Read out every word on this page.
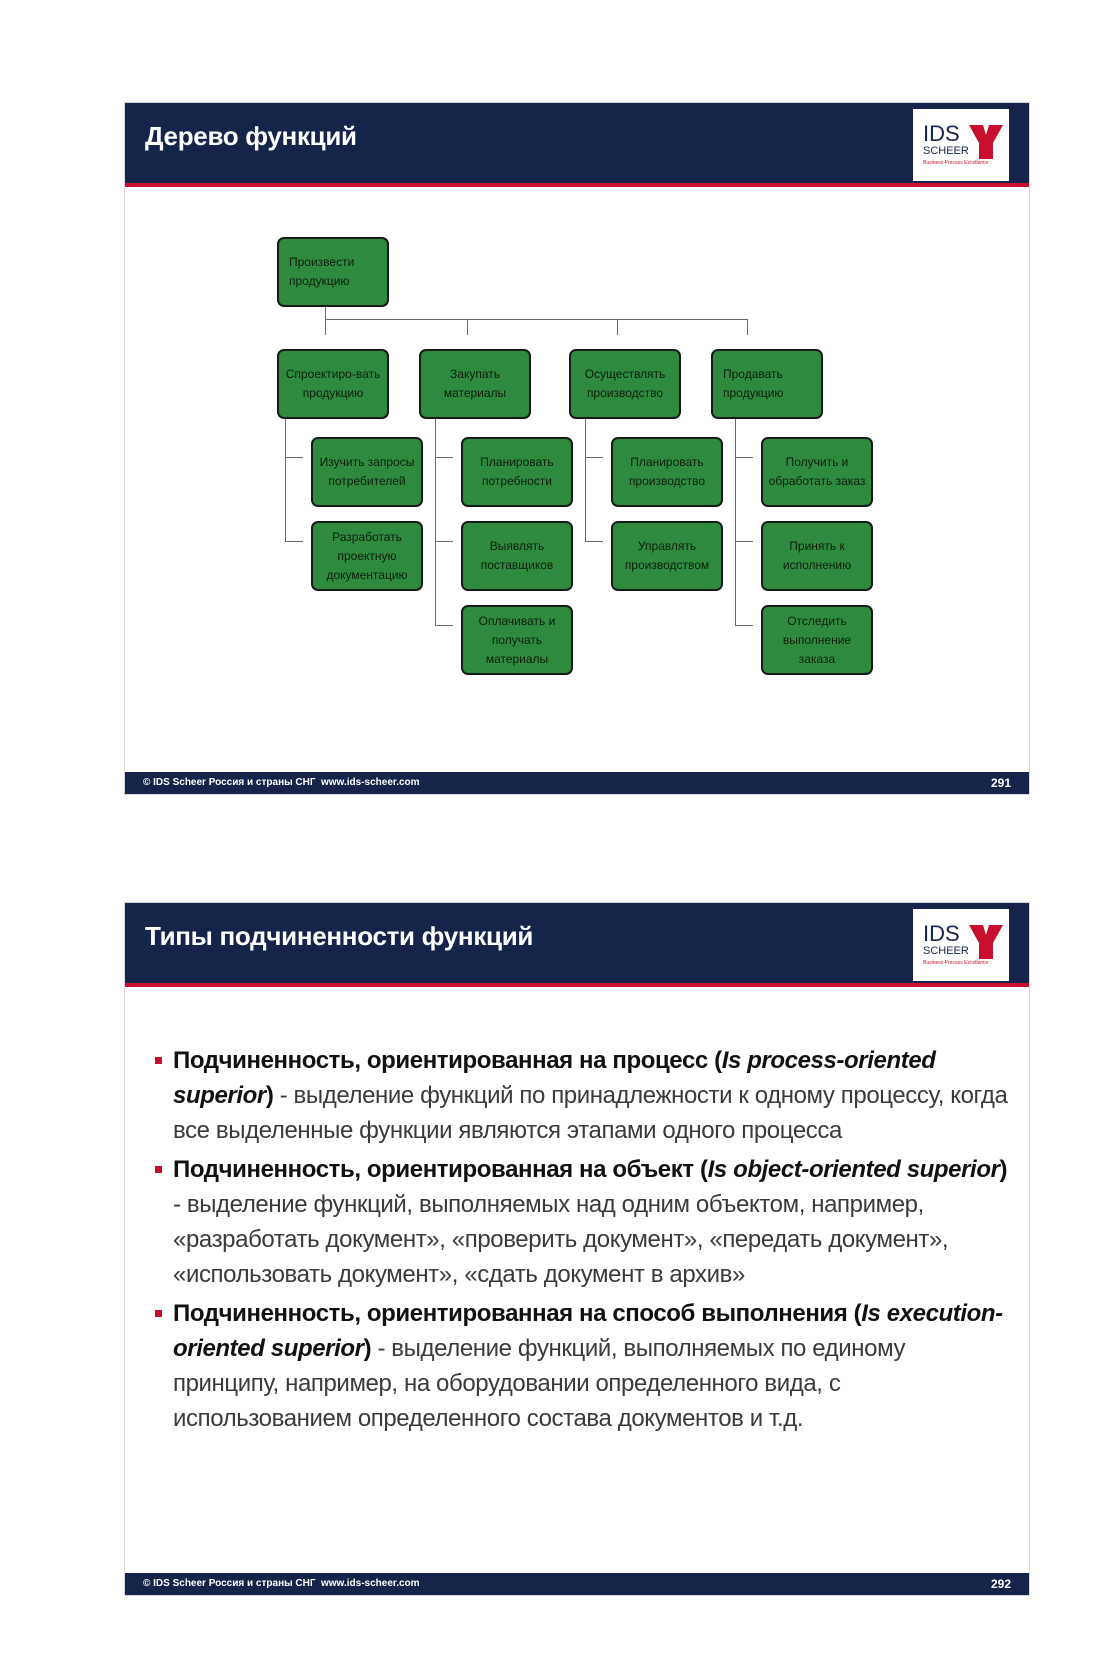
Дерево функций	IDS
SCHEER
Business Process Excellence
Произвести продукцию
Спроектиро-вать продукцию
Закупать материалы
Осуществлять производство
Продавать продукцию
Изучить запросы потребителей
Разработать проектную документацию
Планировать потребности
Выявлять поставщиков
Оплачивать и получать материалы
Планировать производство
Управлять производством
Получить и обработать заказ
Принять к исполнению
Отследить выполнение заказа
© IDS Scheer Россия и страны СНГ www.ids-scheer.com	291
Типы подчиненности функций	IDS
SCHEER
Business Process Excellence
Подчиненность, ориентированная на процесс (Is process-oriented superior) - выделение функций по принадлежности к одному процессу, когда все выделенные функции являются этапами одного процесса
Подчиненность, ориентированная на объект (Is object-oriented superior) - выделение функций, выполняемых над одним объектом, например, «разработать документ», «проверить документ», «передать документ», «использовать документ», «сдать документ в архив»
Подчиненность, ориентированная на способ выполнения (Is execution-oriented superior) - выделение функций, выполняемых по единому принципу, например, на оборудовании определенного вида, с использованием определенного состава документов и т.д.
© IDS Scheer Россия и страны СНГ www.ids-scheer.com	292
